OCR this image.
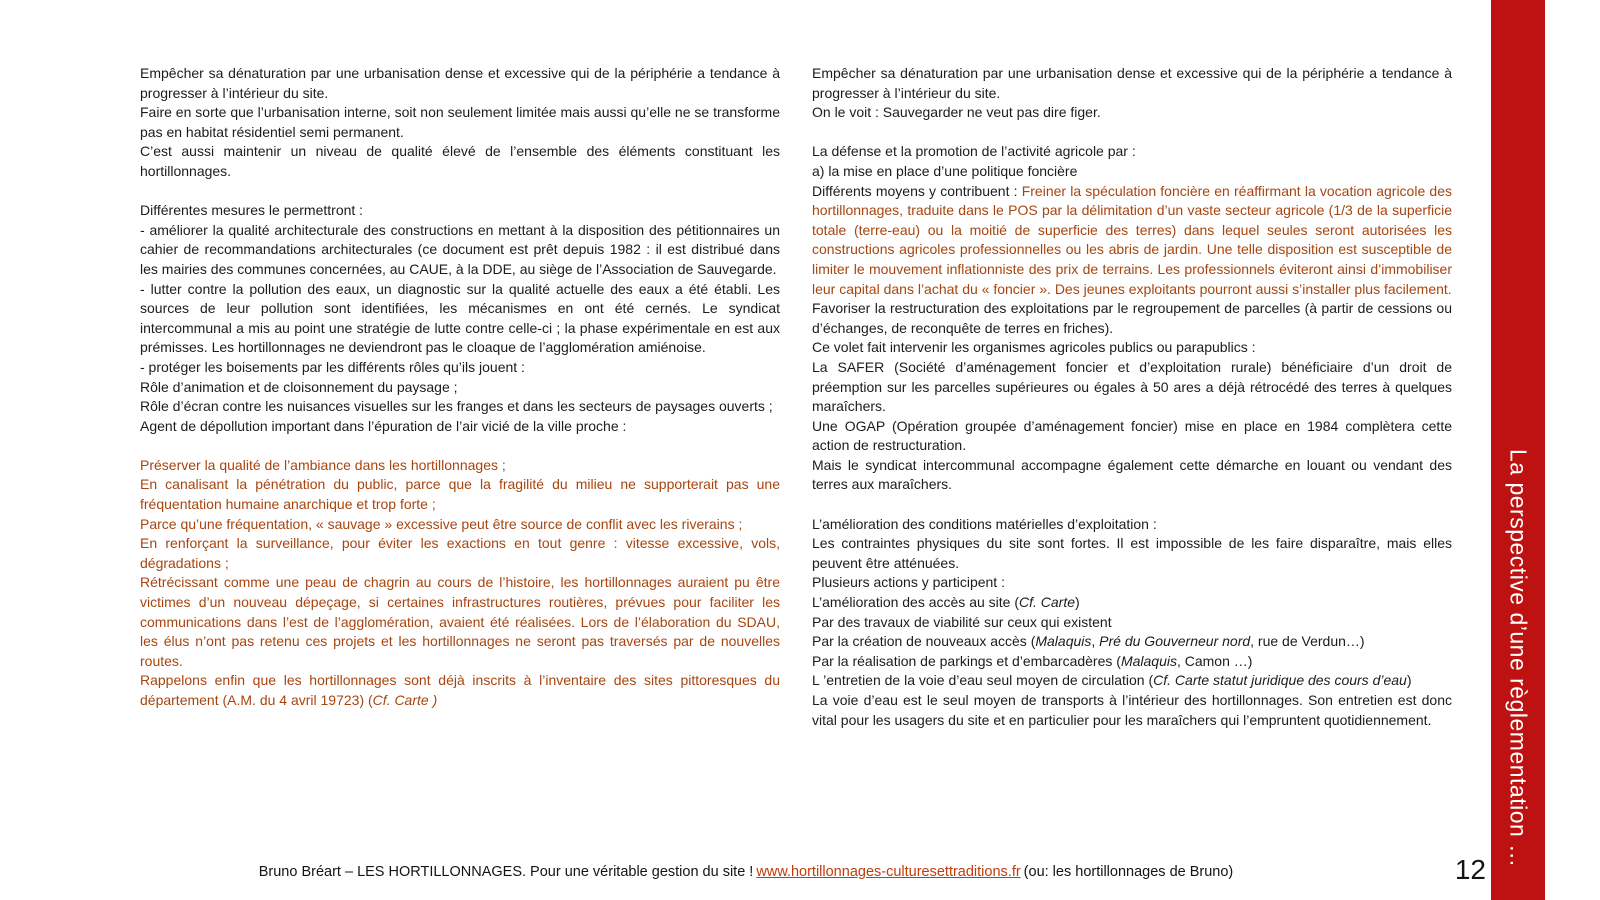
Empêcher sa dénaturation par une urbanisation dense et excessive qui de la périphérie a tendance à progresser à l’intérieur du site.

Faire en sorte que l’urbanisation interne, soit non seulement limitée mais aussi qu’elle ne se transforme pas en habitat résidentiel semi permanent.

C’est aussi maintenir un niveau de qualité élevé de l’ensemble des éléments constituant les hortillonnages.

Différentes mesures le permettront :

- améliorer la qualité architecturale des constructions en mettant à la disposition des pétitionnaires un cahier de recommandations architecturales (ce document est prêt depuis 1982 : il est distribué dans les mairies des communes concernées, au CAUE, à la DDE, au siège de l’Association de Sauvegarde.

- lutter contre la pollution des eaux, un diagnostic sur la qualité actuelle des eaux a été établi. Les sources de leur pollution sont identifiées, les mécanismes en ont été cernés. Le syndicat intercommunal a mis au point une stratégie de lutte contre celle-ci ; la phase expérimentale en est aux prémisses. Les hortillonnages ne deviendront pas le cloaque de l’agglomération amiénoise.

- protéger les boisements par les différents rôles qu’ils jouent :

Rôle d’animation et de cloisonnement du paysage ;

Rôle d’écran contre les nuisances visuelles sur les franges et dans les secteurs de paysages ouverts ;

Agent de dépollution important dans l’épuration de l’air vicié de la ville proche :

Préserver la qualité de l’ambiance dans les hortillonnages ;

En canalisant la pénétration du public, parce que la fragilité du milieu ne supporterait pas une fréquentation humaine anarchique et trop forte ;

Parce qu’une fréquentation, « sauvage » excessive peut être source de conflit avec les riverains ;

En renforçant la surveillance, pour éviter les exactions en tout genre : vitesse excessive, vols, dégradations ;

Rétrécissant comme une peau de chagrin au cours de l’histoire, les hortillonnages auraient pu être victimes d’un nouveau dépeçage, si certaines infrastructures routières, prévues pour faciliter les communications dans l’est de l’agglomération, avaient été réalisées. Lors de l’élaboration du SDAU, les élus n’ont pas retenu ces projets et les hortillonnages ne seront pas traversés par de nouvelles routes.

Rappelons enfin que les hortillonnages sont déjà inscrits à l’inventaire des sites pittoresques du département (A.M. du 4 avril 19723) (Cf. Carte )

Empêcher sa dénaturation par une urbanisation dense et excessive qui de la périphérie a tendance à progresser à l’intérieur du site.

On le voit : Sauvegarder ne veut pas dire figer.

La défense et la promotion de l’activité agricole par :

a) la mise en place d’une politique foncière

Différents moyens y contribuent : Freiner la spéculation foncière en réaffirmant la vocation agricole des hortillonnages, traduite dans le POS par la délimitation d’un vaste secteur agricole (1/3 de la superficie totale (terre-eau) ou la moitié de superficie des terres) dans lequel seules seront autorisées les constructions agricoles professionnelles ou les abris de jardin. Une telle disposition est susceptible de limiter le mouvement inflationniste des prix de terrains. Les professionnels éviteront ainsi d’immobiliser leur capital dans l’achat du « foncier ». Des jeunes exploitants pourront aussi s’installer plus facilement.

Favoriser la restructuration des exploitations par le regroupement de parcelles (à partir de cessions ou d’échanges, de reconquête de terres en friches).

Ce volet fait intervenir les organismes agricoles publics ou parapublics :

La SAFER (Société d’aménagement foncier et d’exploitation rurale) bénéficiaire d’un droit de préemption sur les parcelles supérieures ou égales à 50 ares a déjà rétrocédé des terres à quelques maraîchers.

Une OGAP (Opération groupée d’aménagement foncier) mise en place en 1984 complètera cette action de restructuration.

Mais le syndicat intercommunal accompagne également cette démarche en louant ou vendant des terres aux maraîchers.

L’amélioration des conditions matérielles d’exploitation :

Les contraintes physiques du site sont fortes. Il est impossible de les faire disparaître, mais elles peuvent être atténuées.

Plusieurs actions y participent :

L’amélioration des accès au site (Cf. Carte)

Par des travaux de viabilité sur ceux qui existent

Par la création de nouveaux accès (Malaquis, Pré du Gouverneur nord, rue de Verdun…)

Par la réalisation de parkings et d’embarcadères (Malaquis, Camon …)

L ’entretien de la voie d’eau seul moyen de circulation (Cf. Carte statut juridique des cours d’eau)

La voie d’eau est le seul moyen de transports à l’intérieur des hortillonnages. Son entretien est donc vital pour les usagers du site et en particulier pour les maraîchers qui l’empruntent quotidiennement.

Bruno Bréart – LES HORTILLONNAGES. Pour une véritable gestion du site ! www.hortillonnages-culturesettraditions.fr (ou: les hortillonnages de Bruno)	12
La perspective d’une règlementation …
